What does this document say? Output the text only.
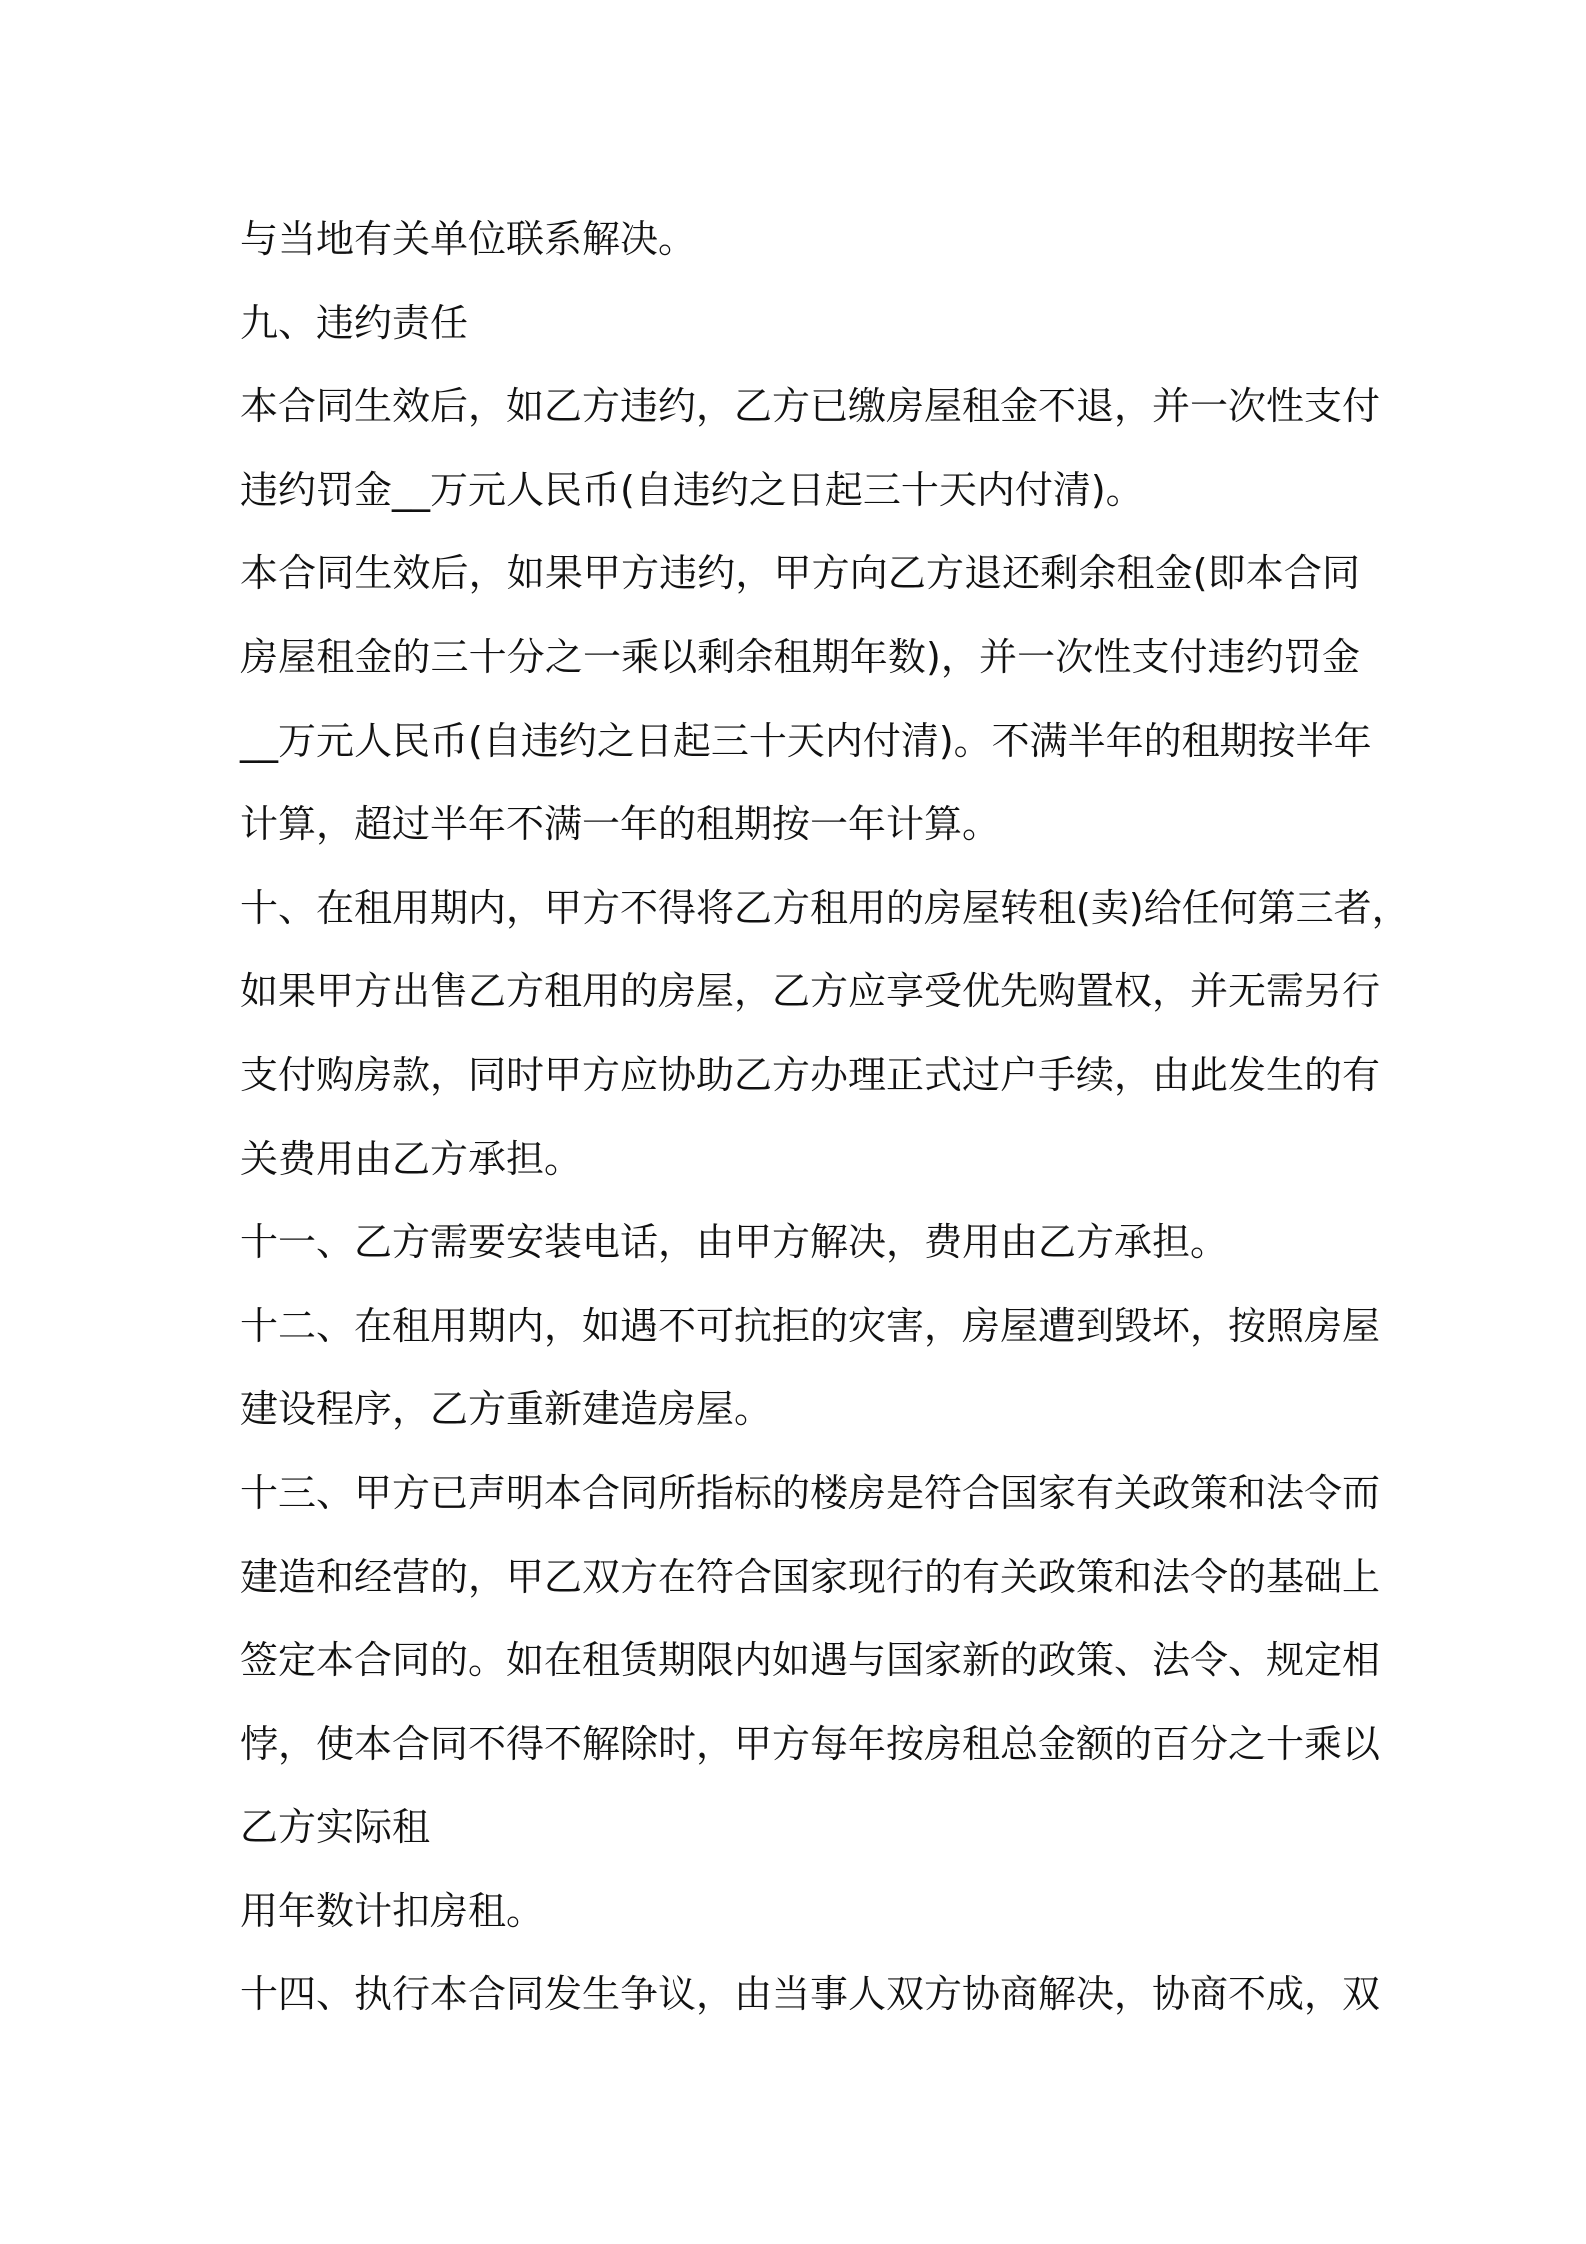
与当地有关单位联系解决。
九、违约责任
本合同生效后，如乙方违约，乙方已缴房屋租金不退，并一次性支付
违约罚金__万元人民币(自违约之日起三十天内付清)。
本合同生效后，如果甲方违约，甲方向乙方退还剩余租金(即本合同
房屋租金的三十分之一乘以剩余租期年数)，并一次性支付违约罚金
__万元人民币(自违约之日起三十天内付清)。不满半年的租期按半年
计算，超过半年不满一年的租期按一年计算。
十、在租用期内，甲方不得将乙方租用的房屋转租(卖)给任何第三者，
如果甲方出售乙方租用的房屋，乙方应享受优先购置权，并无需另行
支付购房款，同时甲方应协助乙方办理正式过户手续，由此发生的有
关费用由乙方承担。
十一、乙方需要安装电话，由甲方解决，费用由乙方承担。
十二、在租用期内，如遇不可抗拒的灾害，房屋遭到毁坏，按照房屋
建设程序，乙方重新建造房屋。
十三、甲方已声明本合同所指标的楼房是符合国家有关政策和法令而
建造和经营的，甲乙双方在符合国家现行的有关政策和法令的基础上
签定本合同的。如在租赁期限内如遇与国家新的政策、法令、规定相
悖，使本合同不得不解除时，甲方每年按房租总金额的百分之十乘以
乙方实际租
用年数计扣房租。
十四、执行本合同发生争议，由当事人双方协商解决，协商不成，双
